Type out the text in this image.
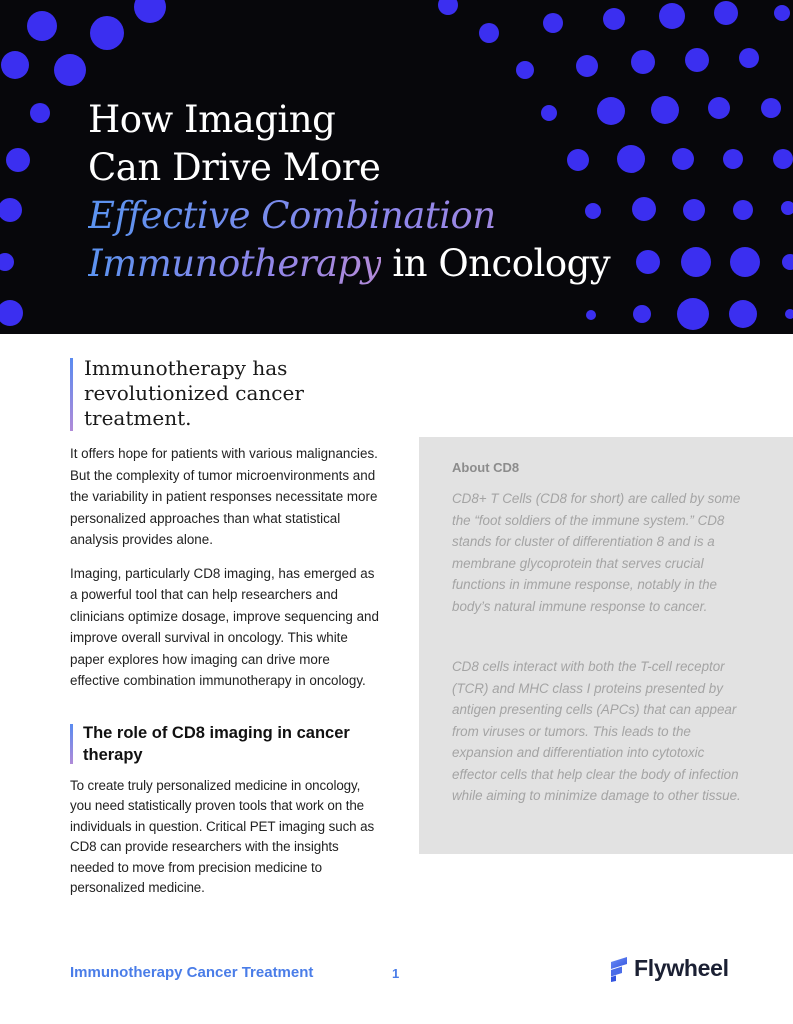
How Imaging
Can Drive More
Effective Combination
Immunotherapy in Oncology
Immunotherapy has revolutionized cancer treatment.

It offers hope for patients with various malignancies. But the complexity of tumor microenvironments and the variability in patient responses necessitate more personalized approaches than what statistical analysis provides alone.

Imaging, particularly CD8 imaging, has emerged as a powerful tool that can help researchers and clinicians optimize dosage, improve sequencing and improve overall survival in oncology. This white paper explores how imaging can drive more effective combination immunotherapy in oncology.

The role of CD8 imaging in cancer therapy

To create truly personalized medicine in oncology, you need statistically proven tools that work on the individuals in question. Critical PET imaging such as CD8 can provide researchers with the insights needed to move from precision medicine to personalized medicine.

About CD8
CD8+ T Cells (CD8 for short) are called by some the “foot soldiers of the immune system.” CD8 stands for cluster of differentiation 8 and is a membrane glycoprotein that serves crucial functions in immune response, notably in the body’s natural immune response to cancer.
CD8 cells interact with both the T-cell receptor (TCR) and MHC class I proteins presented by antigen presenting cells (APCs) that can appear from viruses or tumors. This leads to the expansion and differentiation into cytotoxic effector cells that help clear the body of infection while aiming to minimize damage to other tissue.
Immunotherapy Cancer Treatment	1	Flywheel
